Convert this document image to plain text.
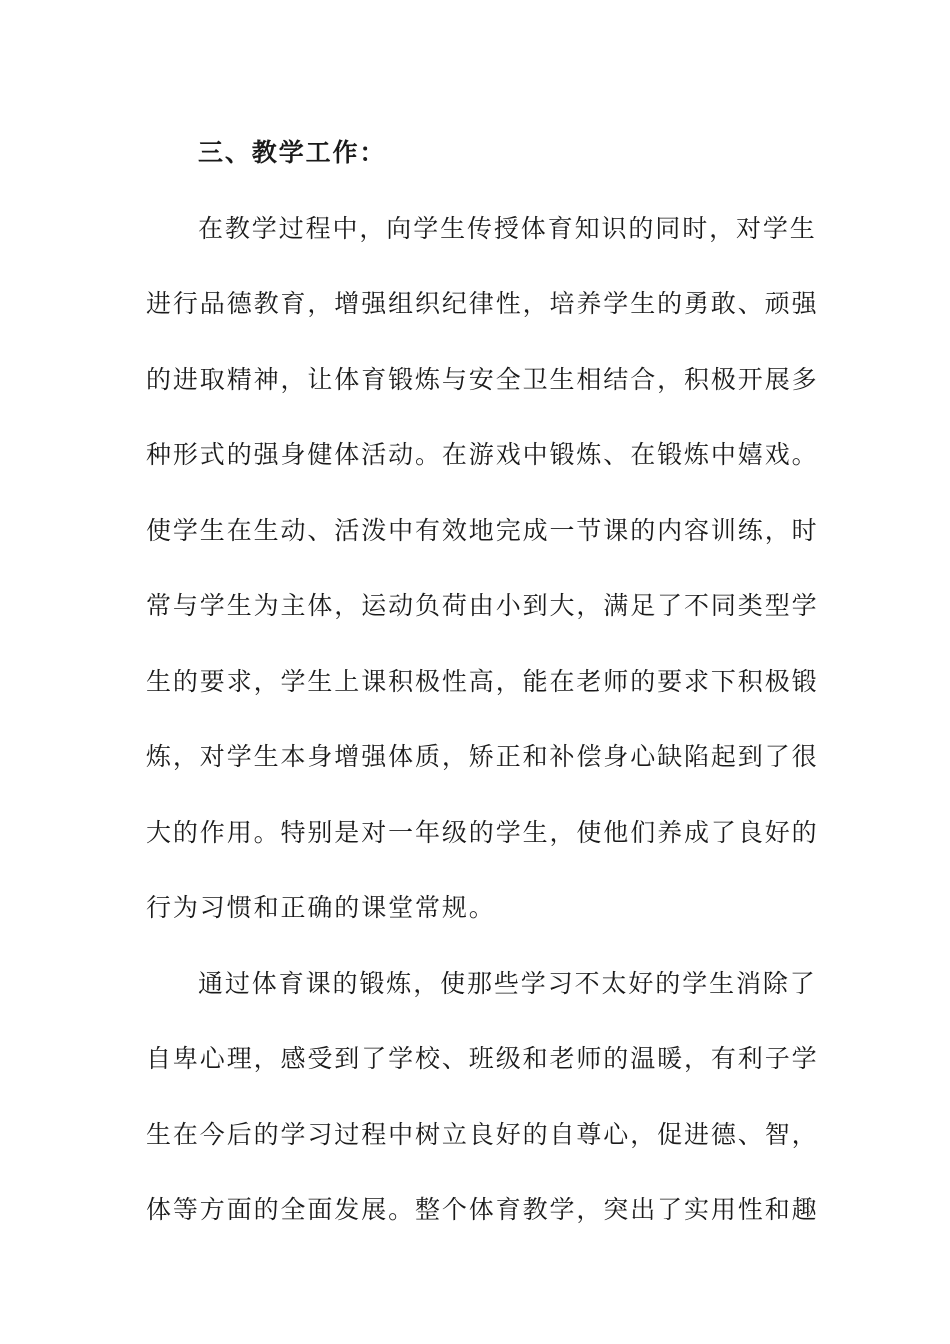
三、教学工作：
在教学过程中，向学生传授体育知识的同时，对学生
进行品德教育，增强组织纪律性，培养学生的勇敢、顽强
的进取精神，让体育锻炼与安全卫生相结合，积极开展多
种形式的强身健体活动。在游戏中锻炼、在锻炼中嬉戏。
使学生在生动、活泼中有效地完成一节课的内容训练，时
常与学生为主体，运动负荷由小到大，满足了不同类型学
生的要求，学生上课积极性高，能在老师的要求下积极锻
炼，对学生本身增强体质，矫正和补偿身心缺陷起到了很
大的作用。特别是对一年级的学生，使他们养成了良好的
行为习惯和正确的课堂常规。
通过体育课的锻炼，使那些学习不太好的学生消除了
自卑心理，感受到了学校、班级和老师的温暖，有利子学
生在今后的学习过程中树立良好的自尊心，促进德、智，
体等方面的全面发展。整个体育教学，突出了实用性和趣
